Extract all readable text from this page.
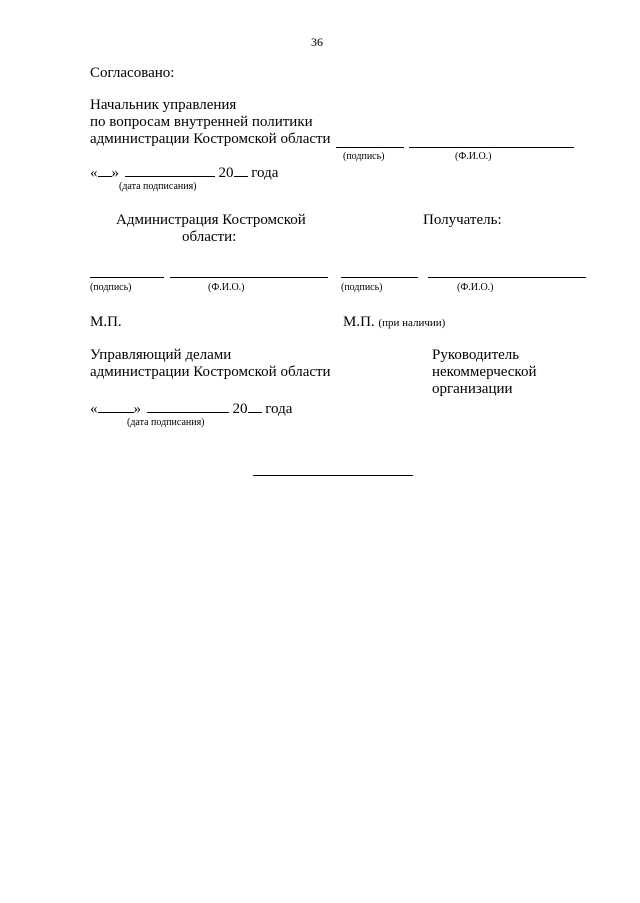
36
Согласовано:
Начальник управления
по вопросам внутренней политики
администрации Костромской области
(подпись)	(Ф.И.О.)
« »	20 года
(дата подписания)
Администрация Костромской
области:
Получатель:
(подпись)	(Ф.И.О.)	(подпись)	(Ф.И.О.)
М.П.	М.П. (при наличии)
Управляющий делами
администрации Костромской области
Руководитель
некоммерческой
организации
« »	20 года
(дата подписания)
